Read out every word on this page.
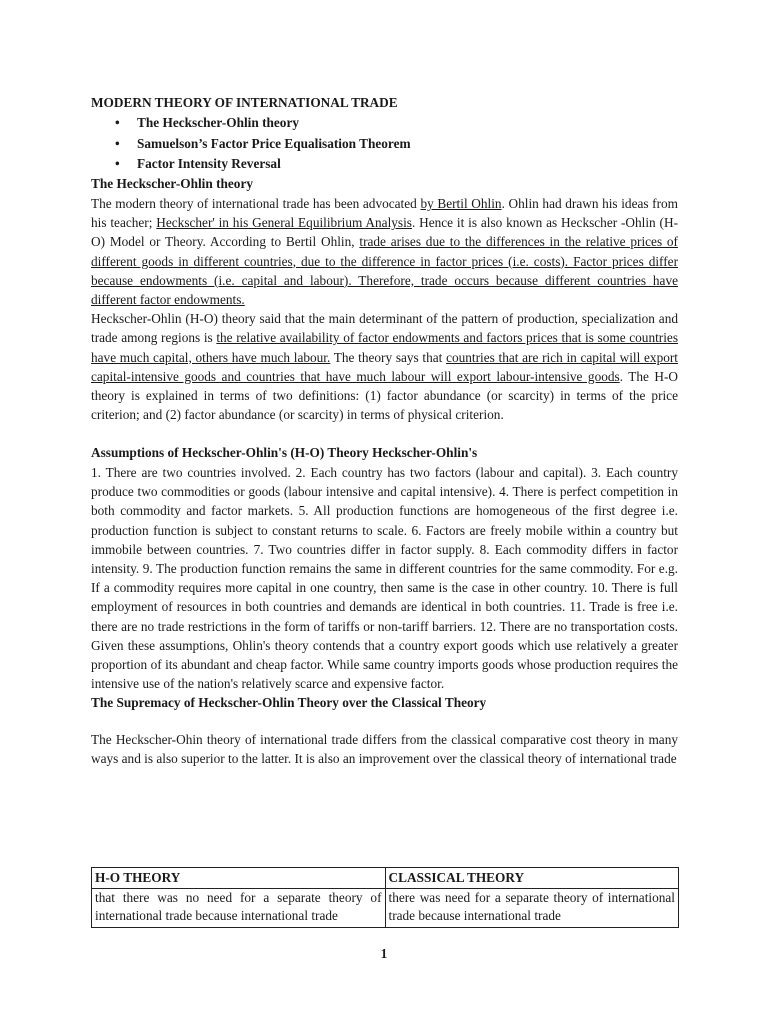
MODERN THEORY OF INTERNATIONAL TRADE
• The Heckscher-Ohlin theory
• Samuelson’s Factor Price Equalisation Theorem
• Factor Intensity Reversal
The Heckscher-Ohlin theory

The modern theory of international trade has been advocated by Bertil Ohlin. Ohlin had drawn his ideas from his teacher; Heckscher' in his General Equilibrium Analysis. Hence it is also known as Heckscher -Ohlin (H-O) Model or Theory. According to Bertil Ohlin, trade arises due to the differences in the relative prices of different goods in different countries, due to the difference in factor prices (i.e. costs). Factor prices differ because endowments (i.e. capital and labour). Therefore, trade occurs because different countries have different factor endowments.

Heckscher-Ohlin (H-O) theory said that the main determinant of the pattern of production, specialization and trade among regions is the relative availability of factor endowments and factors prices that is some countries have much capital, others have much labour. The theory says that countries that are rich in capital will export capital-intensive goods and countries that have much labour will export labour-intensive goods. The H-O theory is explained in terms of two definitions: (1) factor abundance (or scarcity) in terms of the price criterion; and (2) factor abundance (or scarcity) in terms of physical criterion.

Assumptions of Heckscher-Ohlin's (H-O) Theory Heckscher-Ohlin's

1. There are two countries involved. 2. Each country has two factors (labour and capital). 3. Each country produce two commodities or goods (labour intensive and capital intensive). 4. There is perfect competition in both commodity and factor markets. 5. All production functions are homogeneous of the first degree i.e. production function is subject to constant returns to scale. 6. Factors are freely mobile within a country but immobile between countries. 7. Two countries differ in factor supply. 8. Each commodity differs in factor intensity. 9. The production function remains the same in different countries for the same commodity. For e.g. If a commodity requires more capital in one country, then same is the case in other country. 10. There is full employment of resources in both countries and demands are identical in both countries. 11. Trade is free i.e. there are no trade restrictions in the form of tariffs or non-tariff barriers. 12. There are no transportation costs. Given these assumptions, Ohlin's theory contends that a country export goods which use relatively a greater proportion of its abundant and cheap factor. While same country imports goods whose production requires the intensive use of the nation's relatively scarce and expensive factor.

The Supremacy of Heckscher-Ohlin Theory over the Classical Theory

The Heckscher-Ohin theory of international trade differs from the classical comparative cost theory in many ways and is also superior to the latter. It is also an improvement over the classical theory of international trade

H-O THEORY	CLASSICAL THEORY
that there was no need for a separate theory of international trade because international trade	there was need for a separate theory of international trade because international trade
1
